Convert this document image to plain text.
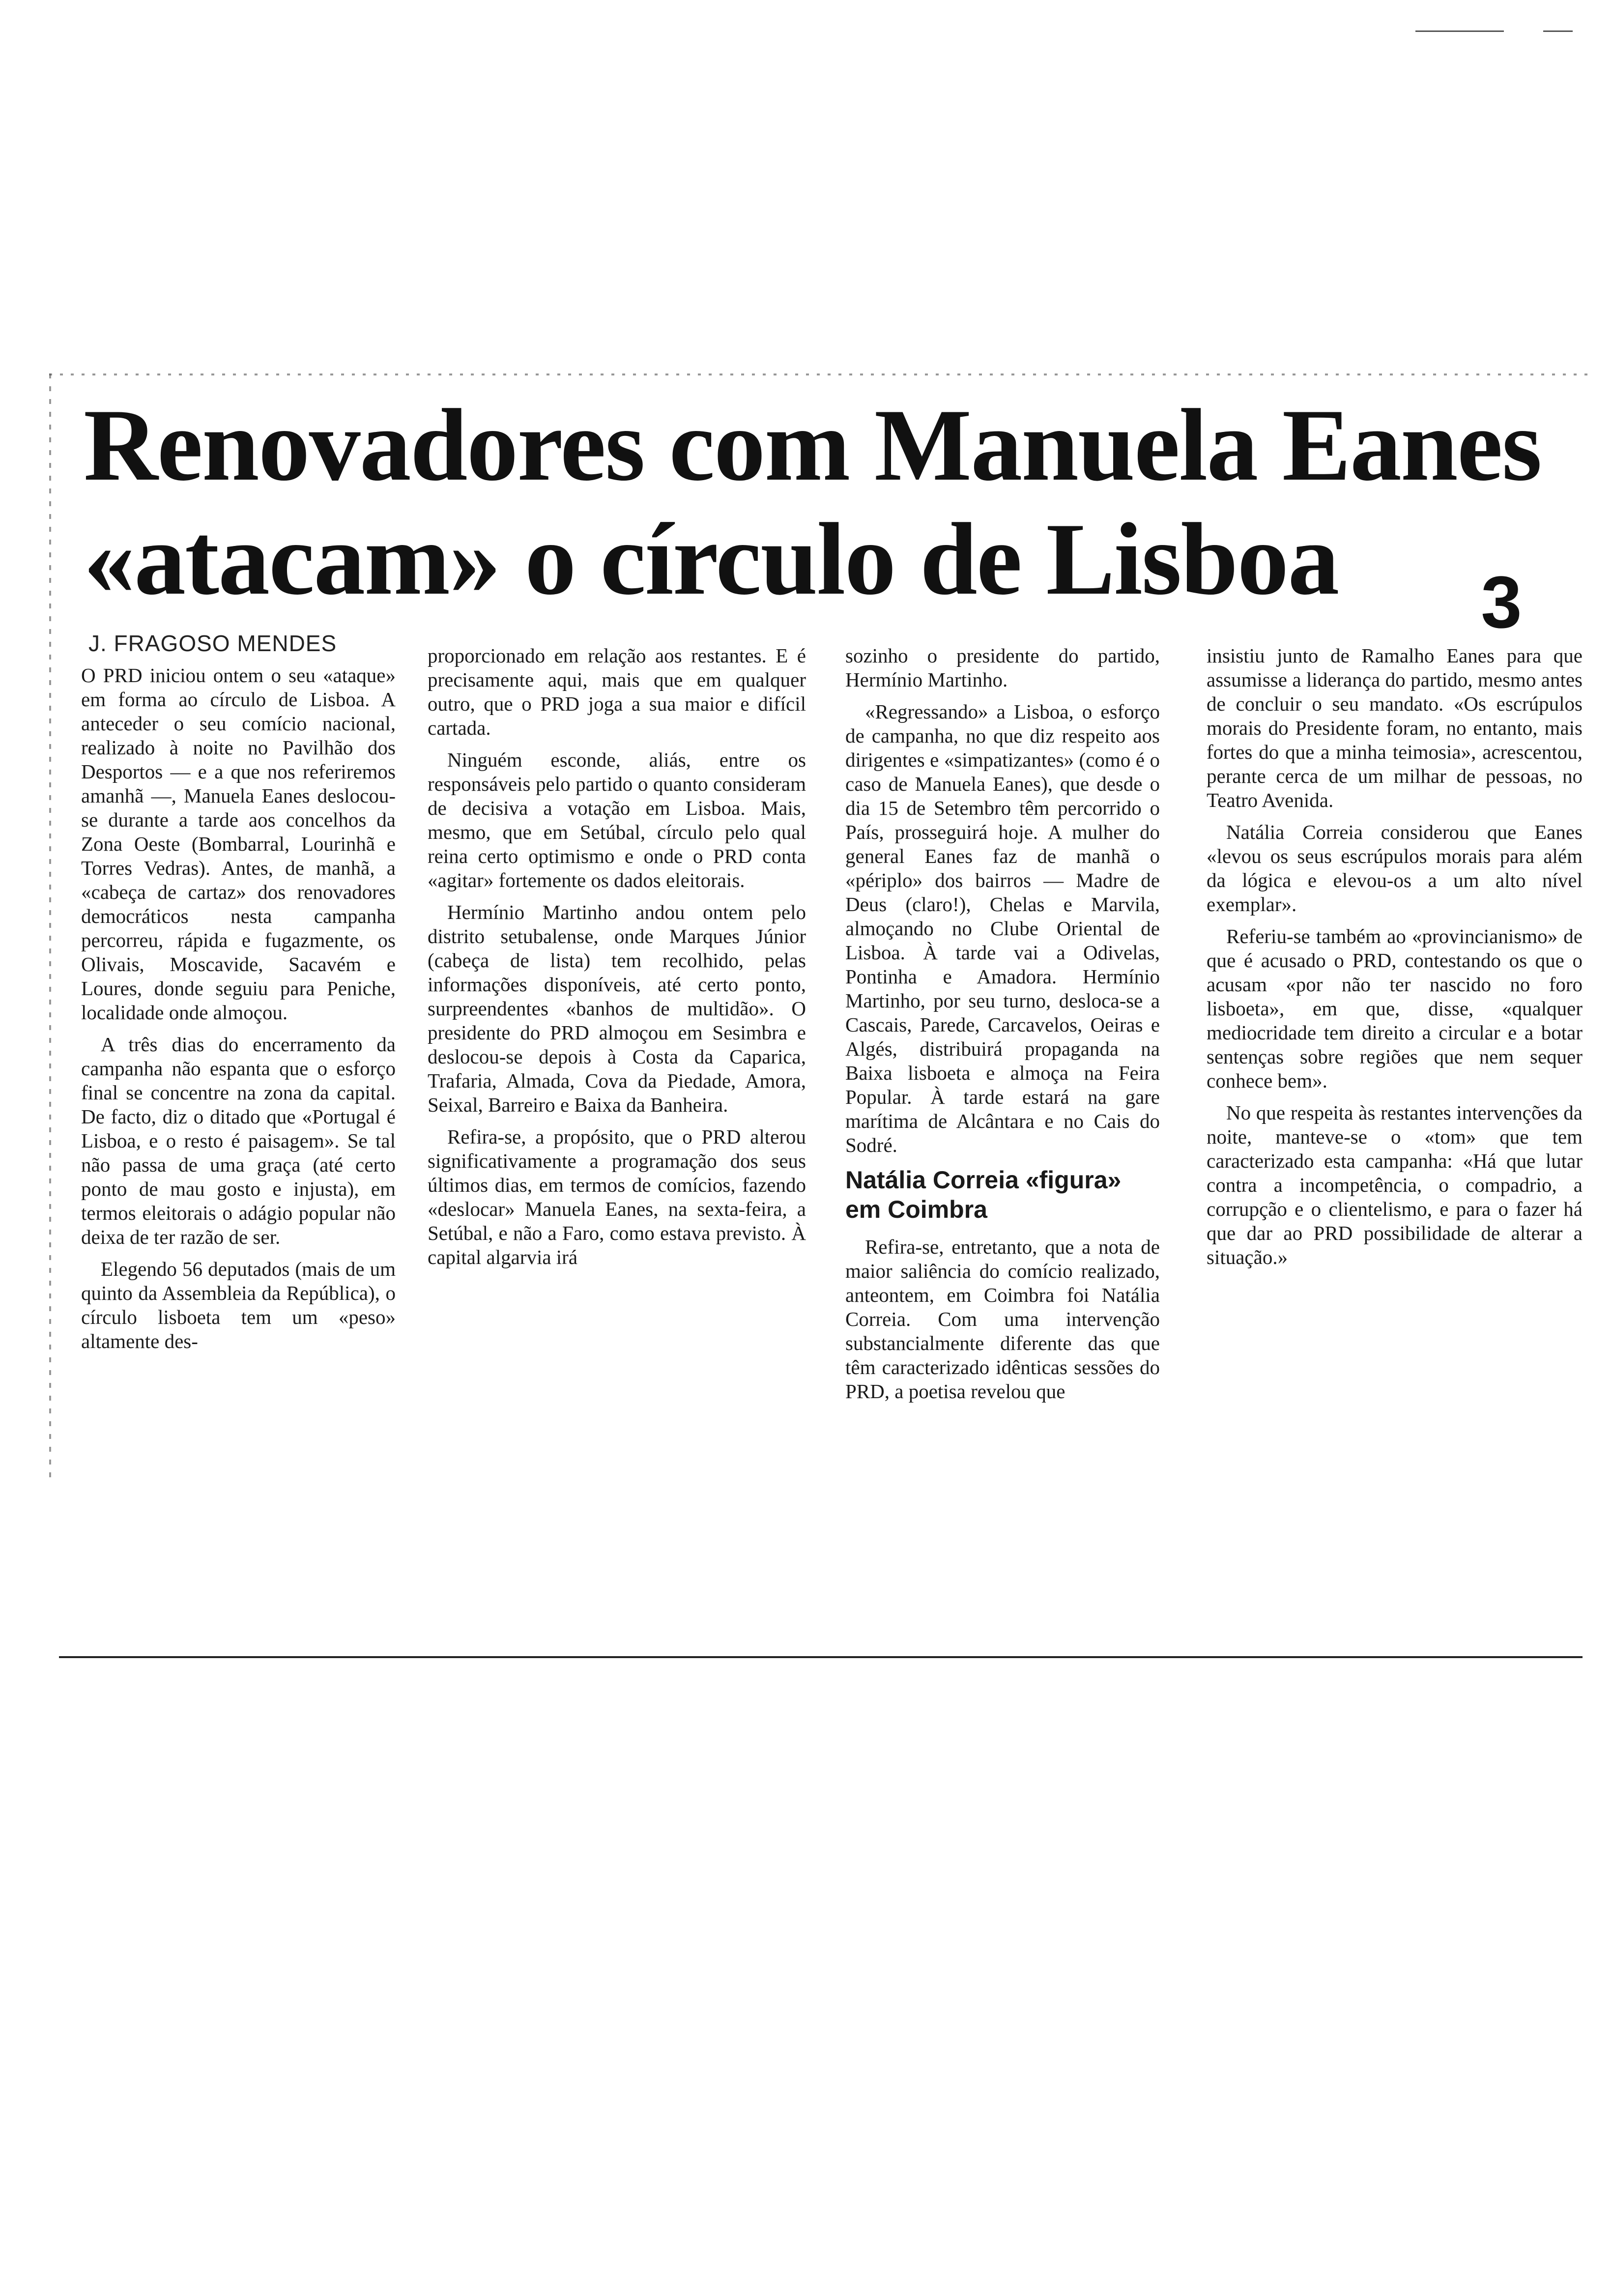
Renovadores com Manuela Eanes
«atacam» o círculo de Lisboa	3
J. FRAGOSO MENDES

O PRD iniciou ontem o seu «ataque» em forma ao círculo de Lisboa. A anteceder o seu comício nacional, realizado à noite no Pavilhão dos Desportos — e a que nos referiremos amanhã —, Manuela Eanes deslocou-se durante a tarde aos concelhos da Zona Oeste (Bombarral, Lourinhã e Torres Vedras). Antes, de manhã, a «cabeça de cartaz» dos renovadores democráticos nesta campanha percorreu, rápida e fugazmente, os Olivais, Moscavide, Sacavém e Loures, donde seguiu para Peniche, localidade onde almoçou.

A três dias do encerramento da campanha não espanta que o esforço final se concentre na zona da capital. De facto, diz o ditado que «Portugal é Lisboa, e o resto é paisagem». Se tal não passa de uma graça (até certo ponto de mau gosto e injusta), em termos eleitorais o adágio popular não deixa de ter razão de ser.

Elegendo 56 deputados (mais de um quinto da Assembleia da República), o círculo lisboeta tem um «peso» altamente des-

proporcionado em relação aos restantes. E é precisamente aqui, mais que em qualquer outro, que o PRD joga a sua maior e difícil cartada.

Ninguém esconde, aliás, entre os responsáveis pelo partido o quanto consideram de decisiva a votação em Lisboa. Mais, mesmo, que em Setúbal, círculo pelo qual reina certo optimismo e onde o PRD conta «agitar» fortemente os dados eleitorais.

Hermínio Martinho andou ontem pelo distrito setubalense, onde Marques Júnior (cabeça de lista) tem recolhido, pelas informações disponíveis, até certo ponto, surpreendentes «banhos de multidão». O presidente do PRD almoçou em Sesimbra e deslocou-se depois à Costa da Caparica, Trafaria, Almada, Cova da Piedade, Amora, Seixal, Barreiro e Baixa da Banheira.

Refira-se, a propósito, que o PRD alterou significativamente a programação dos seus últimos dias, em termos de comícios, fazendo «deslocar» Manuela Eanes, na sexta-feira, a Setúbal, e não a Faro, como estava previsto. À capital algarvia irá

sozinho o presidente do partido, Hermínio Martinho.

«Regressando» a Lisboa, o esforço de campanha, no que diz respeito aos dirigentes e «simpatizantes» (como é o caso de Manuela Eanes), que desde o dia 15 de Setembro têm percorrido o País, prosseguirá hoje. A mulher do general Eanes faz de manhã o «périplo» dos bairros — Madre de Deus (claro!), Chelas e Marvila, almoçando no Clube Oriental de Lisboa. À tarde vai a Odivelas, Pontinha e Amadora. Hermínio Martinho, por seu turno, desloca-se a Cascais, Parede, Carcavelos, Oeiras e Algés, distribuirá propaganda na Baixa lisboeta e almoça na Feira Popular. À tarde estará na gare marítima de Alcântara e no Cais do Sodré.

Natália Correia «figura» em Coimbra

Refira-se, entretanto, que a nota de maior saliência do comício realizado, anteontem, em Coimbra foi Natália Correia. Com uma intervenção substancialmente diferente das que têm caracterizado idênticas sessões do PRD, a poetisa revelou que

insistiu junto de Ramalho Eanes para que assumisse a liderança do partido, mesmo antes de concluir o seu mandato. «Os escrúpulos morais do Presidente foram, no entanto, mais fortes do que a minha teimosia», acrescentou, perante cerca de um milhar de pessoas, no Teatro Avenida.

Natália Correia considerou que Eanes «levou os seus escrúpulos morais para além da lógica e elevou-os a um alto nível exemplar».

Referiu-se também ao «provincianismo» de que é acusado o PRD, contestando os que o acusam «por não ter nascido no foro lisboeta», em que, disse, «qualquer mediocridade tem direito a circular e a botar sentenças sobre regiões que nem sequer conhece bem».

No que respeita às restantes intervenções da noite, manteve-se o «tom» que tem caracterizado esta campanha: «Há que lutar contra a incompetência, o compadrio, a corrupção e o clientelismo, e para o fazer há que dar ao PRD possibilidade de alterar a situação.»
